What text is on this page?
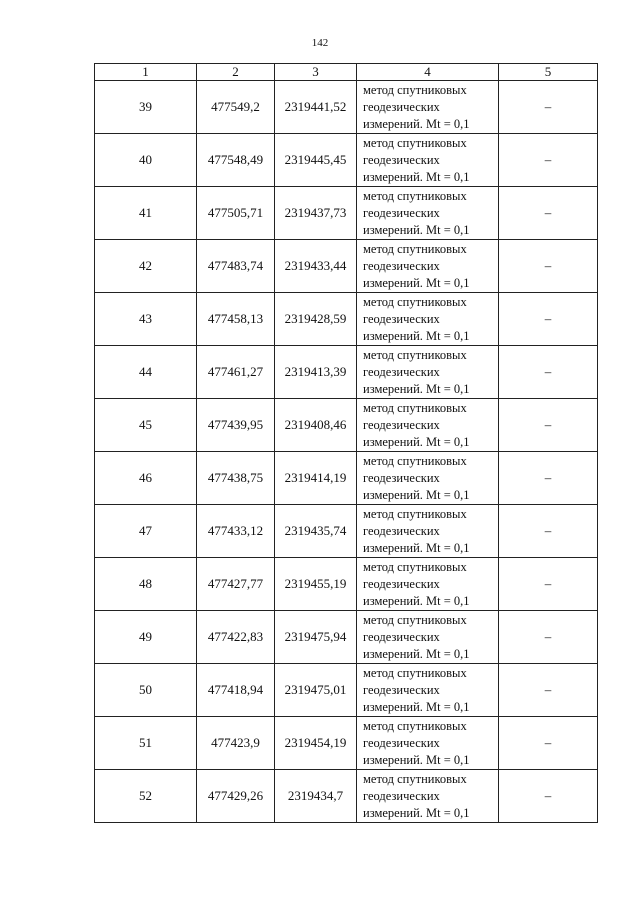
142
1	2	3	4	5
39	477549,2	2319441,52	метод спутниковых
геодезических
измерений. Mt = 0,1	–
40	477548,49	2319445,45	метод спутниковых
геодезических
измерений. Mt = 0,1	–
41	477505,71	2319437,73	метод спутниковых
геодезических
измерений. Mt = 0,1	–
42	477483,74	2319433,44	метод спутниковых
геодезических
измерений. Mt = 0,1	–
43	477458,13	2319428,59	метод спутниковых
геодезических
измерений. Mt = 0,1	–
44	477461,27	2319413,39	метод спутниковых
геодезических
измерений. Mt = 0,1	–
45	477439,95	2319408,46	метод спутниковых
геодезических
измерений. Mt = 0,1	–
46	477438,75	2319414,19	метод спутниковых
геодезических
измерений. Mt = 0,1	–
47	477433,12	2319435,74	метод спутниковых
геодезических
измерений. Mt = 0,1	–
48	477427,77	2319455,19	метод спутниковых
геодезических
измерений. Mt = 0,1	–
49	477422,83	2319475,94	метод спутниковых
геодезических
измерений. Mt = 0,1	–
50	477418,94	2319475,01	метод спутниковых
геодезических
измерений. Mt = 0,1	–
51	477423,9	2319454,19	метод спутниковых
геодезических
измерений. Mt = 0,1	–
52	477429,26	2319434,7	метод спутниковых
геодезических
измерений. Mt = 0,1	–
